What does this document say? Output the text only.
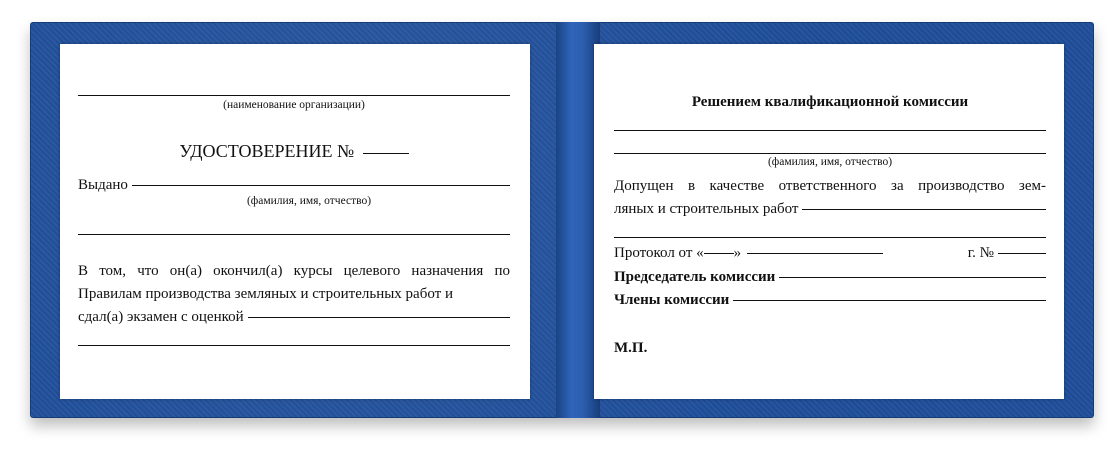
(наименование организации)
УДОСТОВЕРЕНИЕ №
Выдано
(фамилия, имя, отчество)
В том, что он(а) окончил(а) курсы целевого назначения по Правилам производства земляных и строительных работ и
сдал(а) экзамен с оценкой
Решением квалификационной комиссии
(фамилия, имя, отчество)
Допущен в качестве ответственного за производство зем-
ляных и строительных работ
Протокол от « »	г. №
Председатель комиссии
Члены комиссии
М.П.
